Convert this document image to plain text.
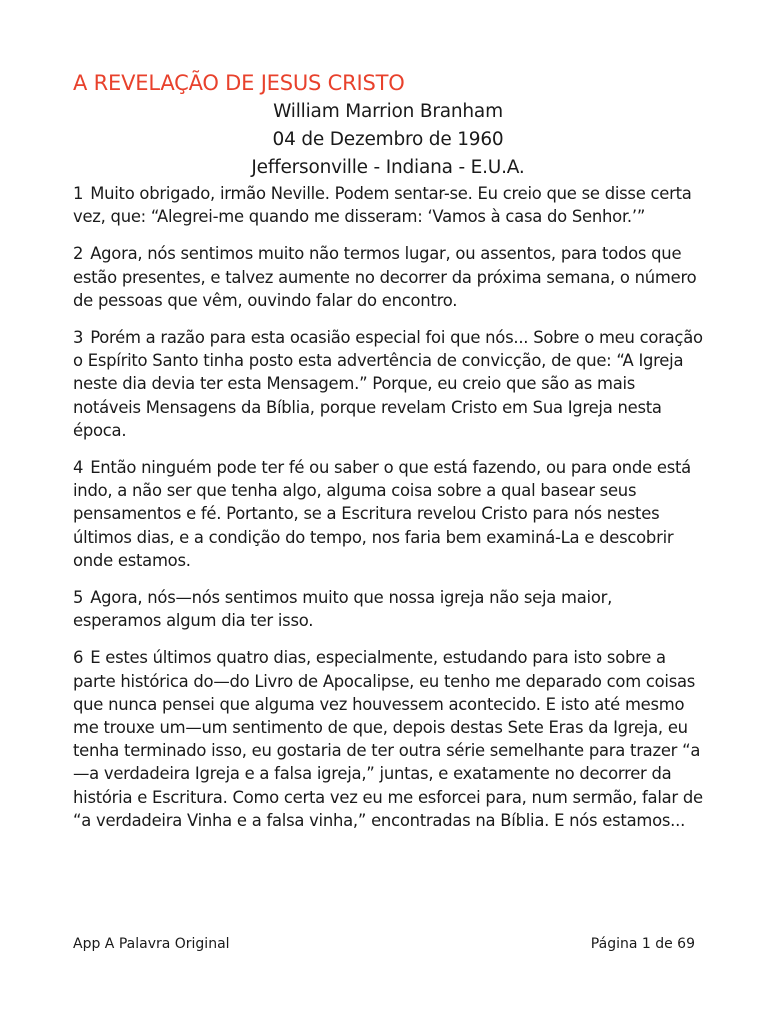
A REVELAÇÃO DE JESUS CRISTO

William Marrion Branham

04 de Dezembro de 1960

Jeffersonville - Indiana - E.U.A.

1 Muito obrigado, irmão Neville. Podem sentar-se. Eu creio que se disse certa vez, que: “Alegrei-me quando me disseram: ‘Vamos à casa do Senhor.’”

2 Agora, nós sentimos muito não termos lugar, ou assentos, para todos que estão presentes, e talvez aumente no decorrer da próxima semana, o número de pessoas que vêm, ouvindo falar do encontro.

3 Porém a razão para esta ocasião especial foi que nós... Sobre o meu coração o Espírito Santo tinha posto esta advertência de convicção, de que: “A Igreja neste dia devia ter esta Mensagem.” Porque, eu creio que são as mais notáveis Mensagens da Bíblia, porque revelam Cristo em Sua Igreja nesta época.

4 Então ninguém pode ter fé ou saber o que está fazendo, ou para onde está indo, a não ser que tenha algo, alguma coisa sobre a qual basear seus pensamentos e fé. Portanto, se a Escritura revelou Cristo para nós nestes últimos dias, e a condição do tempo, nos faria bem examiná-La e descobrir onde estamos.

5 Agora, nós—nós sentimos muito que nossa igreja não seja maior, esperamos algum dia ter isso.

6 E estes últimos quatro dias, especialmente, estudando para isto sobre a parte histórica do—do Livro de Apocalipse, eu tenho me deparado com coisas que nunca pensei que alguma vez houvessem acontecido. E isto até mesmo me trouxe um—um sentimento de que, depois destas Sete Eras da Igreja, eu tenha terminado isso, eu gostaria de ter outra série semelhante para trazer “a—a verdadeira Igreja e a falsa igreja,” juntas, e exatamente no decorrer da história e Escritura. Como certa vez eu me esforcei para, num sermão, falar de “a verdadeira Vinha e a falsa vinha,” encontradas na Bíblia. E nós estamos...

App A Palavra Original	Página 1 de 69
